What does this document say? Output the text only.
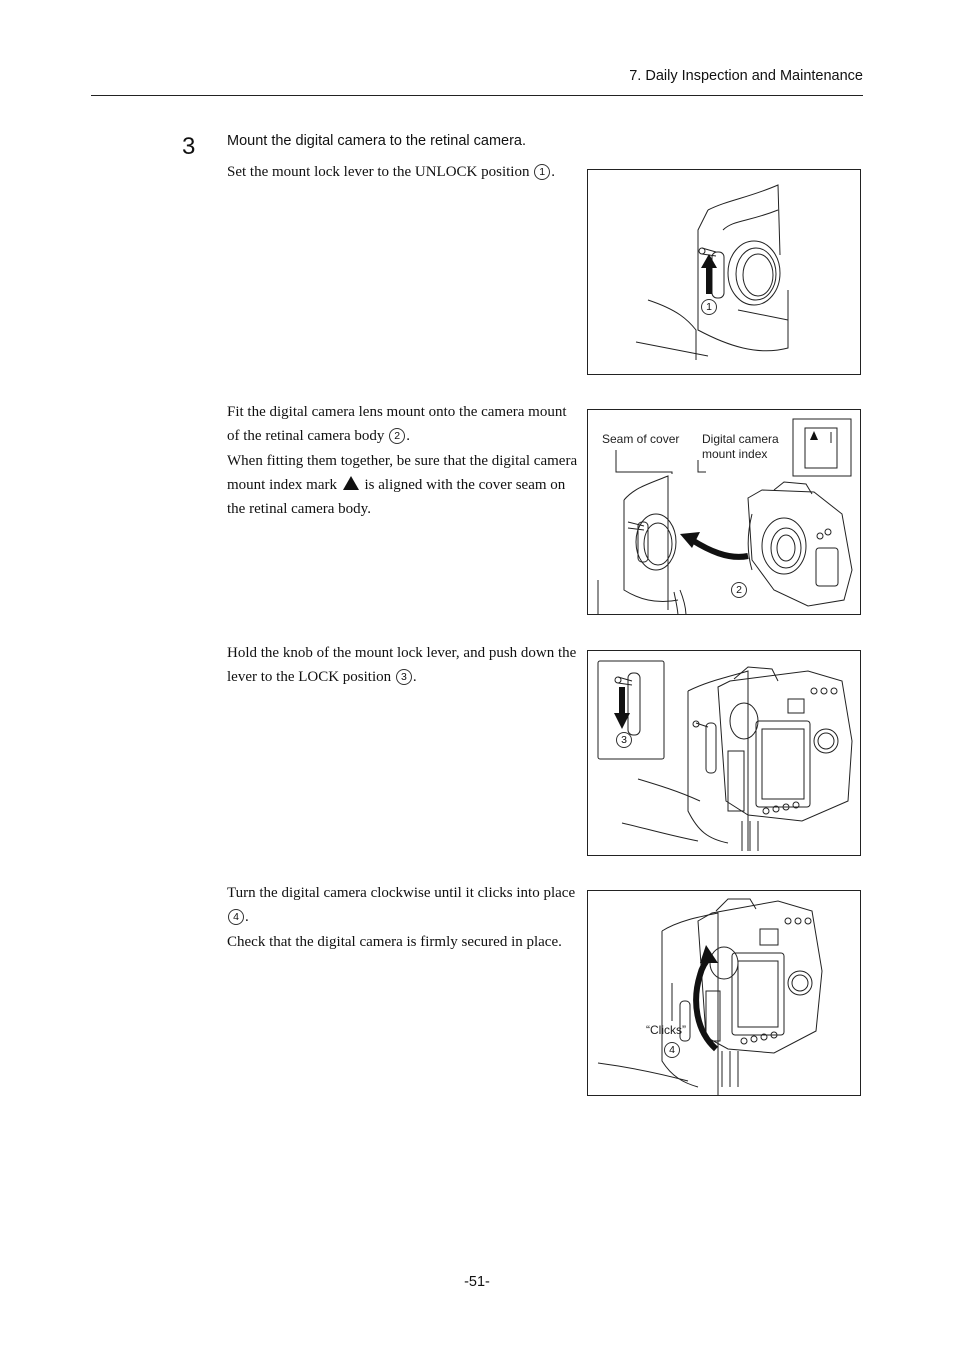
7. Daily Inspection and Maintenance
3 Mount the digital camera to the retinal camera.
Set the mount lock lever to the UNLOCK position 1 .
Fit the digital camera lens mount onto the camera mount of the retinal camera body 2 .
When fitting them together, be sure that the digital camera mount index mark is aligned with the cover seam on the retinal camera body.
Hold the knob of the mount lock lever, and push down the lever to the LOCK position 3 .
Turn the digital camera clockwise until it clicks into place 4 .
Check that the digital camera is firmly secured in place.
1
Seam of cover Digital camera
mount index
2
3
“Clicks”
4
-51-
